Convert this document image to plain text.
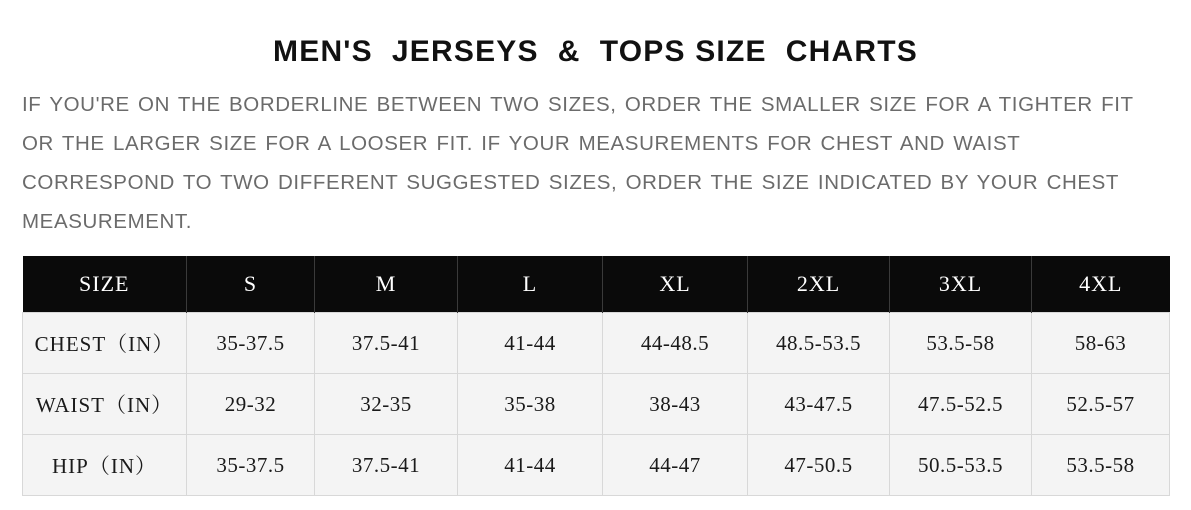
MEN'S  JERSEYS  &  TOPS SIZE  CHARTS

IF YOU'RE ON THE BORDERLINE BETWEEN TWO SIZES, ORDER THE SMALLER SIZE FOR A TIGHTER FIT OR THE LARGER SIZE FOR A LOOSER FIT. IF YOUR MEASUREMENTS FOR CHEST AND WAIST CORRESPOND TO TWO DIFFERENT SUGGESTED SIZES, ORDER THE SIZE INDICATED BY YOUR CHEST MEASUREMENT.

SIZE	S	M	L	XL	2XL	3XL	4XL
CHEST（IN）	35-37.5	37.5-41	41-44	44-48.5	48.5-53.5	53.5-58	58-63
WAIST（IN）	29-32	32-35	35-38	38-43	43-47.5	47.5-52.5	52.5-57
HIP（IN）	35-37.5	37.5-41	41-44	44-47	47-50.5	50.5-53.5	53.5-58
